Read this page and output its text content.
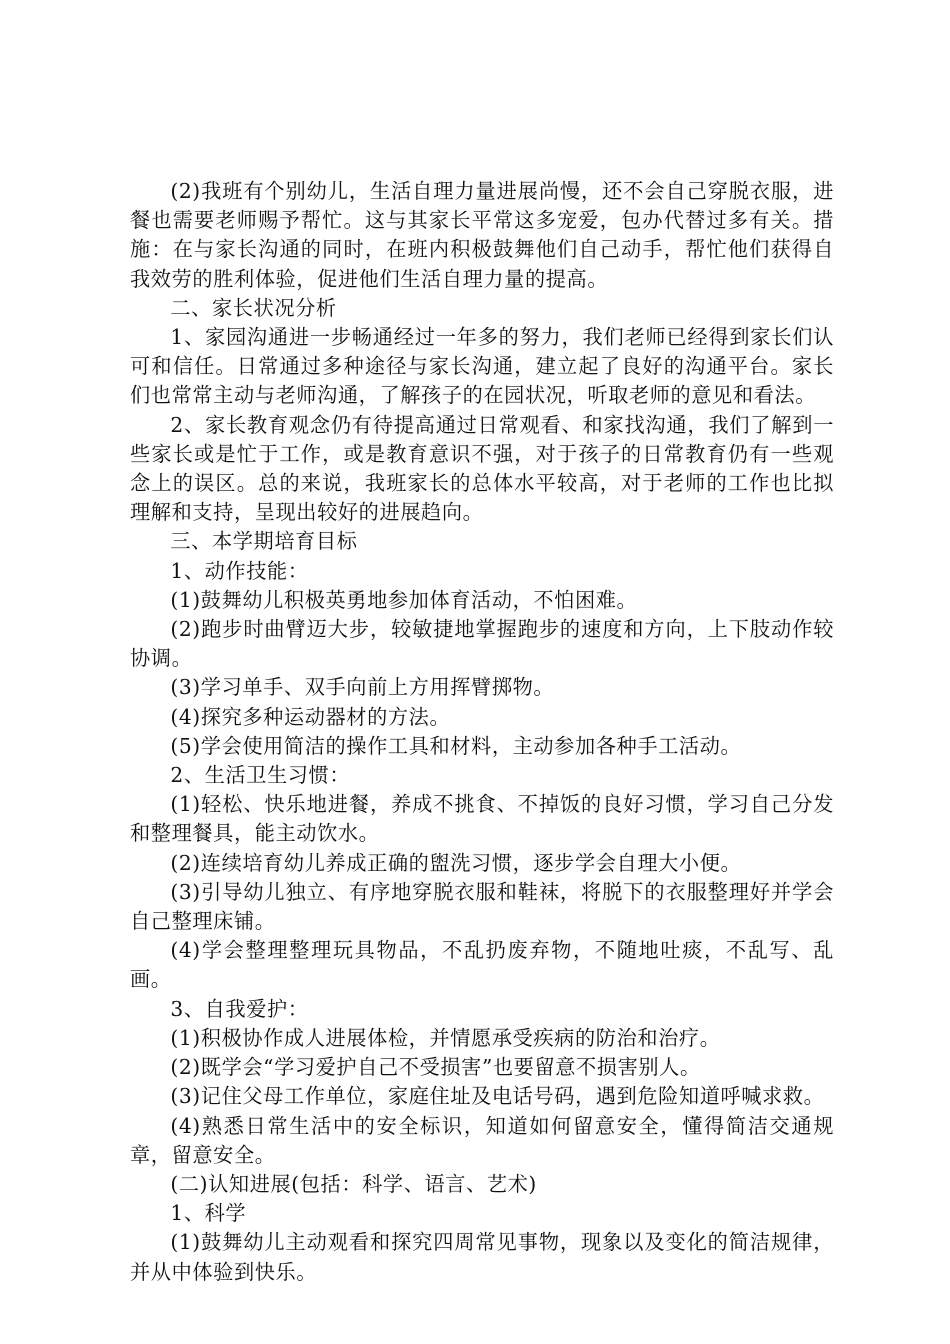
(2)我班有个别幼儿，生活自理力量进展尚慢，还不会自己穿脱衣服，进餐也需要老师赐予帮忙。这与其家长平常这多宠爱，包办代替过多有关。措施：在与家长沟通的同时，在班内积极鼓舞他们自己动手，帮忙他们获得自我效劳的胜利体验，促进他们生活自理力量的提高。

二、家长状况分析

1、家园沟通进一步畅通经过一年多的努力，我们老师已经得到家长们认可和信任。日常通过多种途径与家长沟通，建立起了良好的沟通平台。家长们也常常主动与老师沟通，了解孩子的在园状况，听取老师的意见和看法。

2、家长教育观念仍有待提高通过日常观看、和家找沟通，我们了解到一些家长或是忙于工作，或是教育意识不强，对于孩子的日常教育仍有一些观念上的误区。总的来说，我班家长的总体水平较高，对于老师的工作也比拟理解和支持，呈现出较好的进展趋向。

三、本学期培育目标

1、动作技能：

(1)鼓舞幼儿积极英勇地参加体育活动，不怕困难。

(2)跑步时曲臂迈大步，较敏捷地掌握跑步的速度和方向，上下肢动作较协调。

(3)学习单手、双手向前上方用挥臂掷物。

(4)探究多种运动器材的方法。

(5)学会使用简洁的操作工具和材料，主动参加各种手工活动。

2、生活卫生习惯：

(1)轻松、快乐地进餐，养成不挑食、不掉饭的良好习惯，学习自己分发和整理餐具，能主动饮水。

(2)连续培育幼儿养成正确的盥洗习惯，逐步学会自理大小便。

(3)引导幼儿独立、有序地穿脱衣服和鞋袜，将脱下的衣服整理好并学会自己整理床铺。

(4)学会整理整理玩具物品，不乱扔废弃物，不随地吐痰，不乱写、乱画。

3、自我爱护：

(1)积极协作成人进展体检，并情愿承受疾病的防治和治疗。

(2)既学会“学习爱护自己不受损害”也要留意不损害别人。

(3)记住父母工作单位，家庭住址及电话号码，遇到危险知道呼喊求救。

(4)熟悉日常生活中的安全标识，知道如何留意安全，懂得简洁交通规章，留意安全。

(二)认知进展(包括：科学、语言、艺术)

1、科学

(1)鼓舞幼儿主动观看和探究四周常见事物，现象以及变化的简洁规律，并从中体验到快乐。
